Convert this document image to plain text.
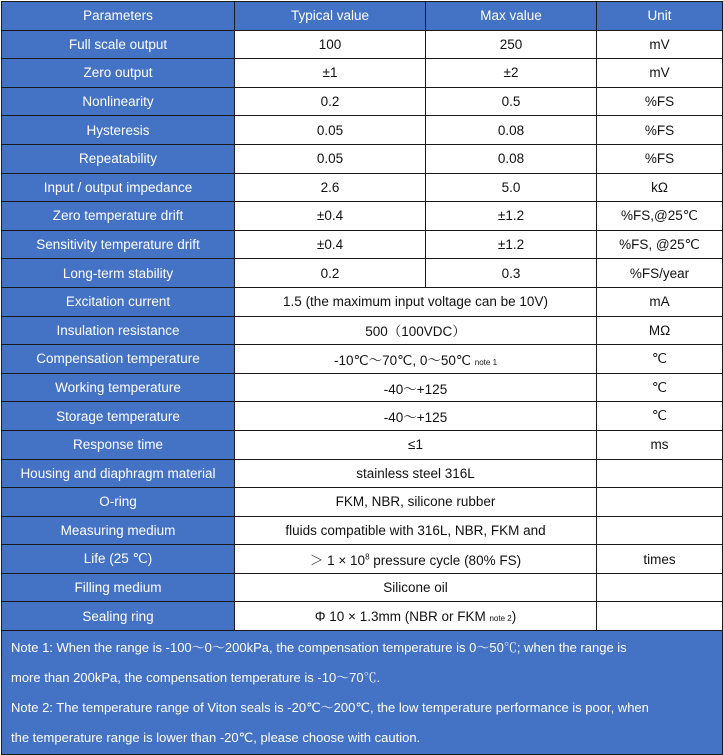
Parameters	Typical value	Max value	Unit
Full scale output	100	250	mV
Zero output	±1	±2	mV
Nonlinearity	0.2	0.5	%FS
Hysteresis	0.05	0.08	%FS
Repeatability	0.05	0.08	%FS
Input / output impedance	2.6	5.0	kΩ
Zero temperature drift	±0.4	±1.2	%FS,@25℃
Sensitivity temperature drift	±0.4	±1.2	%FS, @25℃
Long-term stability	0.2	0.3	%FS/year
Excitation current	1.5 (the maximum input voltage can be 10V)		mA
Insulation resistance	500（100VDC）		MΩ
Compensation temperature	-10℃～70℃, 0～50℃ note 1		℃
Working temperature	-40～+125		℃
Storage temperature	-40～+125		℃
Response time	≤1		ms
Housing and diaphragm material	stainless steel 316L		
O-ring	FKM, NBR, silicone rubber		
Measuring medium	fluids compatible with 316L, NBR, FKM and		
Life (25 ℃)	＞ $1 \times 10^8$ pressure cycle (80% FS)		times
Filling medium	Silicone oil		
Sealing ring	Φ 10 × 1.3mm (NBR or FKM note 2)		

Note 1: When the range is -100～0～200kPa, the compensation temperature is 0～50℃; when the range is

more than 200kPa, the compensation temperature is -10～70℃.

Note 2: The temperature range of Viton seals is -20℃～200℃, the low temperature performance is poor, when

the temperature range is lower than -20℃, please choose with caution.
